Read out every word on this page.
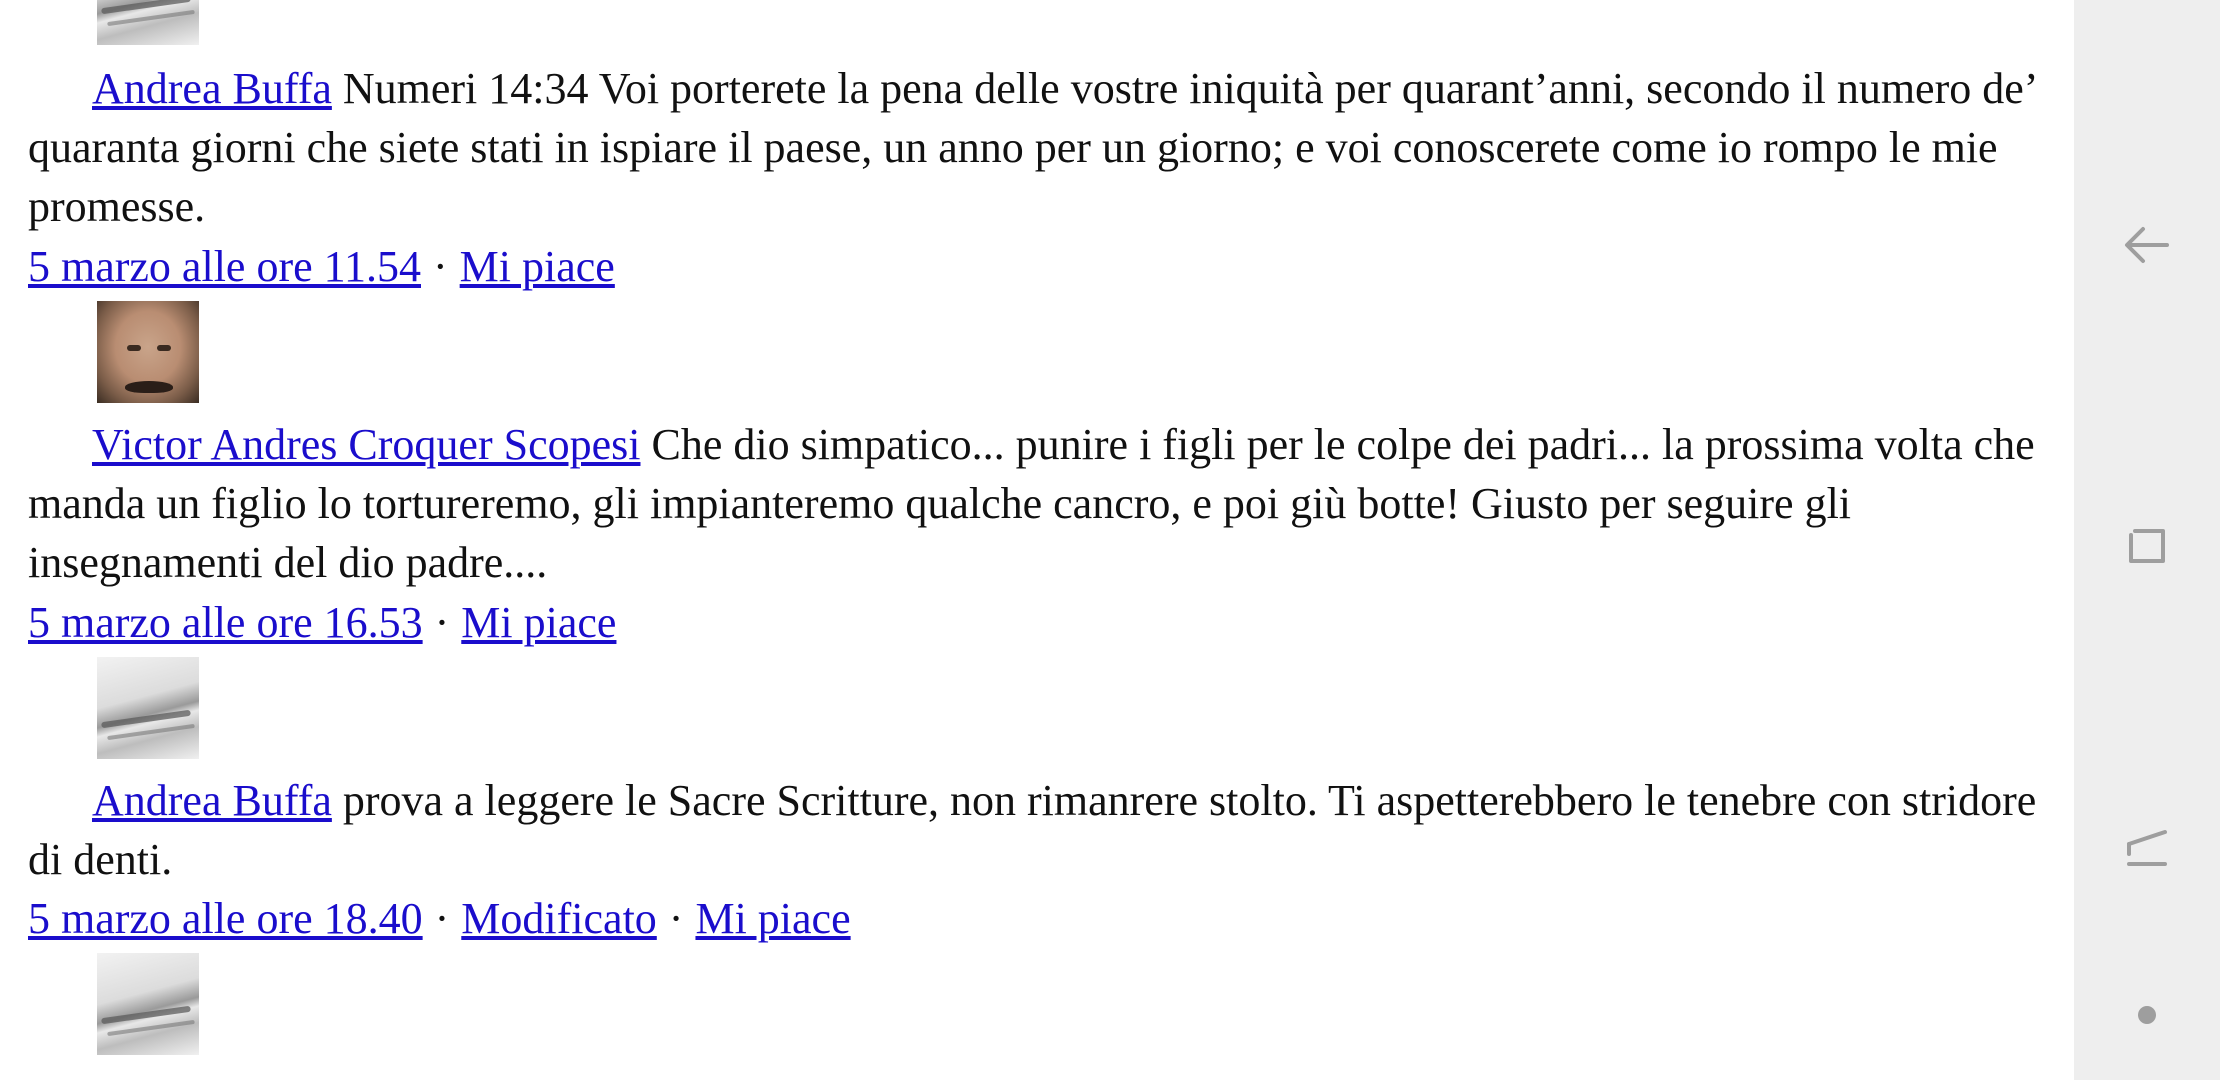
Andrea Buffa Numeri 14:34 Voi porterete la pena delle vostre iniquità per quarant’anni, secondo il numero de’ quaranta giorni che siete stati in ispiare il paese, un anno per un giorno; e voi conoscerete come io rompo le mie promesse.
5 marzo alle ore 11.54 · Mi piace
Victor Andres Croquer Scopesi Che dio simpatico... punire i figli per le colpe dei padri... la prossima volta che manda un figlio lo tortureremo, gli impianteremo qualche cancro, e poi giù botte! Giusto per seguire gli insegnamenti del dio padre....
5 marzo alle ore 16.53 · Mi piace
Andrea Buffa prova a leggere le Sacre Scritture, non rimanrere stolto. Ti aspetterebbero le tenebre con stridore di denti.
5 marzo alle ore 18.40 · Modificato · Mi piace
